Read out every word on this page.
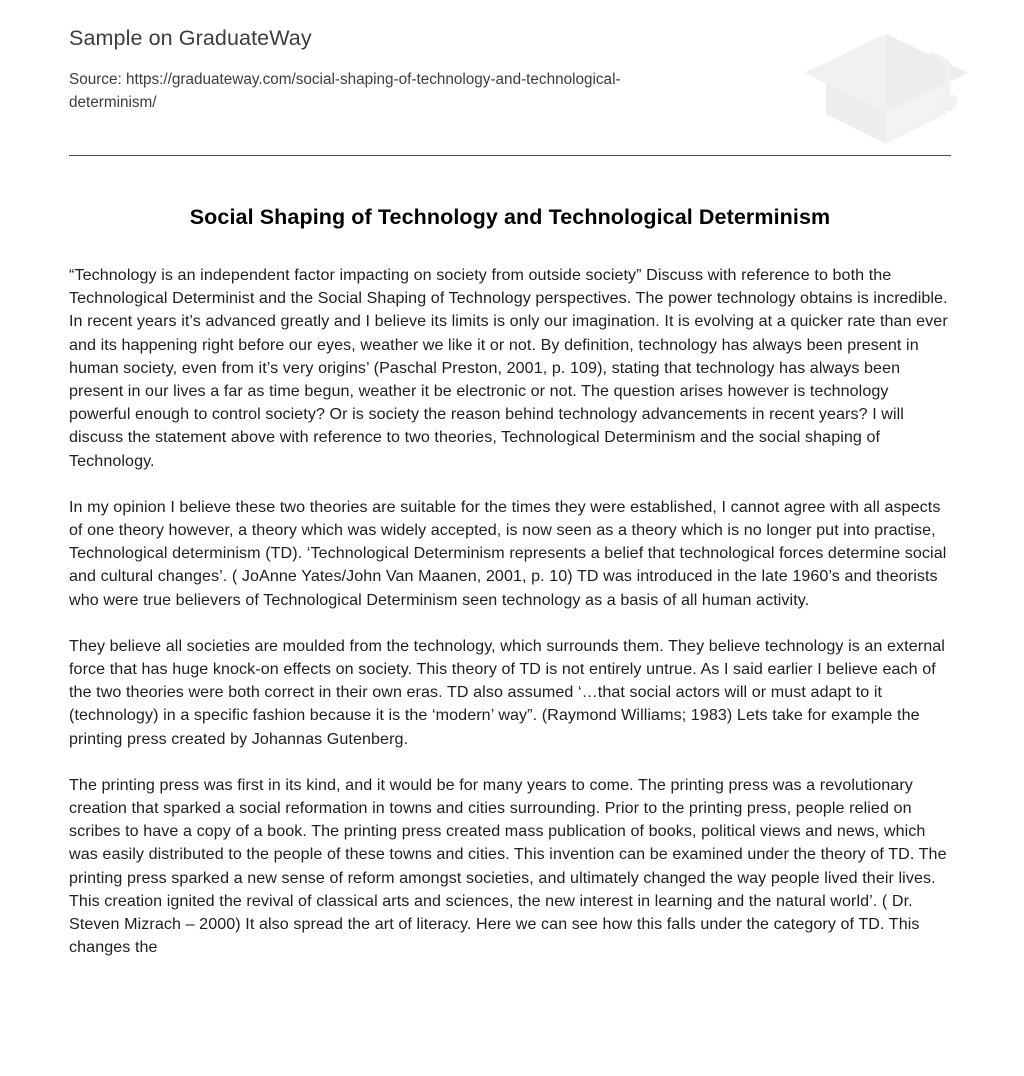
Sample on GraduateWay
Source: https://graduateway.com/social-shaping-of-technology-and-technological-determinism/
Social Shaping of Technology and Technological Determinism

“Technology is an independent factor impacting on society from outside society” Discuss with reference to both the Technological Determinist and the Social Shaping of Technology perspectives. The power technology obtains is incredible. In recent years it’s advanced greatly and I believe its limits is only our imagination. It is evolving at a quicker rate than ever and its happening right before our eyes, weather we like it or not. By definition, technology has always been present in human society, even from it’s very origins’ (Paschal Preston, 2001, p. 109), stating that technology has always been present in our lives a far as time begun, weather it be electronic or not. The question arises however is technology powerful enough to control society? Or is society the reason behind technology advancements in recent years? I will discuss the statement above with reference to two theories, Technological Determinism and the social shaping of Technology.

In my opinion I believe these two theories are suitable for the times they were established, I cannot agree with all aspects of one theory however, a theory which was widely accepted, is now seen as a theory which is no longer put into practise, Technological determinism (TD). ‘Technological Determinism represents a belief that technological forces determine social and cultural changes’. ( JoAnne Yates/John Van Maanen, 2001, p. 10) TD was introduced in the late 1960’s and theorists who were true believers of Technological Determinism seen technology as a basis of all human activity.

They believe all societies are moulded from the technology, which surrounds them. They believe technology is an external force that has huge knock-on effects on society. This theory of TD is not entirely untrue. As I said earlier I believe each of the two theories were both correct in their own eras. TD also assumed ‘…that social actors will or must adapt to it (technology) in a specific fashion because it is the ‘modern’ way”. (Raymond Williams; 1983) Lets take for example the printing press created by Johannas Gutenberg.

The printing press was first in its kind, and it would be for many years to come. The printing press was a revolutionary creation that sparked a social reformation in towns and cities surrounding. Prior to the printing press, people relied on scribes to have a copy of a book. The printing press created mass publication of books, political views and news, which was easily distributed to the people of these towns and cities. This invention can be examined under the theory of TD. The printing press sparked a new sense of reform amongst societies, and ultimately changed the way people lived their lives. This creation ignited the revival of classical arts and sciences, the new interest in learning and the natural world’. ( Dr. Steven Mizrach – 2000) It also spread the art of literacy. Here we can see how this falls under the category of TD. This changes the
